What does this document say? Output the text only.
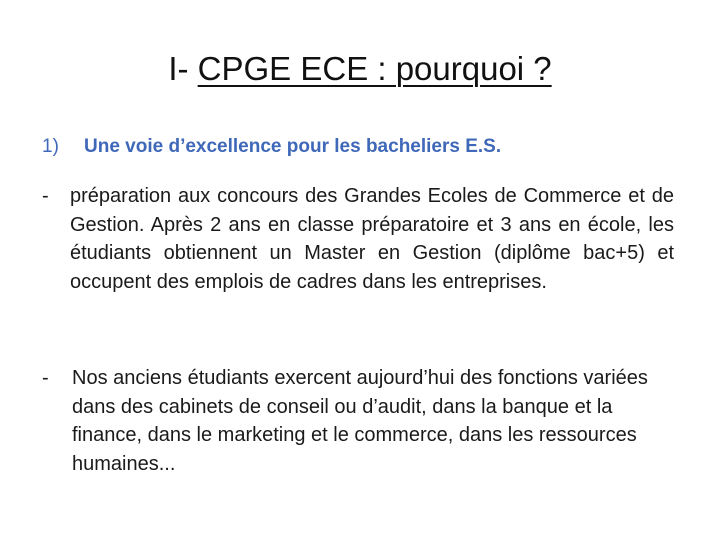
I- CPGE ECE : pourquoi ?
1) Une voie d’excellence pour les bacheliers E.S.
-	préparation aux concours des Grandes Ecoles de Commerce et de Gestion. Après 2 ans en classe préparatoire et 3 ans en école, les étudiants obtiennent un Master en Gestion (diplôme bac+5) et occupent des emplois de cadres dans les entreprises.
-	Nos anciens étudiants exercent aujourd’hui des fonctions variées dans des cabinets de conseil ou d’audit, dans la banque et la finance, dans le marketing et le commerce, dans les ressources humaines...
